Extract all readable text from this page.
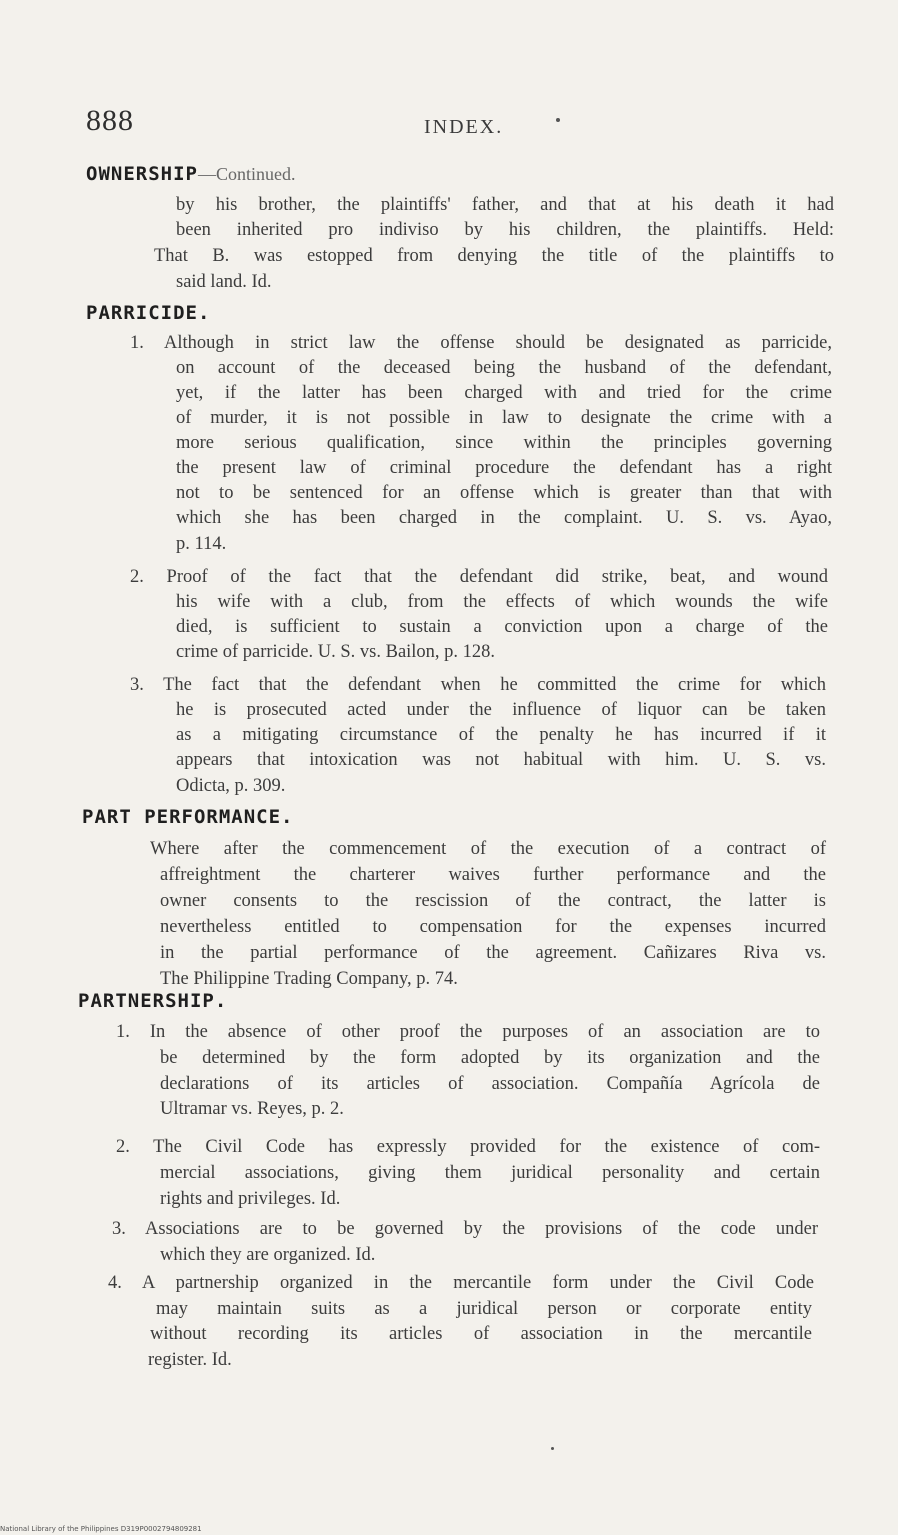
888	INDEX.
OWNERSHIP—Continued.
by his brother, the plaintiffs' father, and that at his death it had
been inherited pro indiviso by his children, the plaintiffs. Held:
That B. was estopped from denying the title of the plaintiffs to
said land. Id.
PARRICIDE.
1. Although in strict law the offense should be designated as parricide,
on account of the deceased being the husband of the defendant,
yet, if the latter has been charged with and tried for the crime
of murder, it is not possible in law to designate the crime with a
more serious qualification, since within the principles governing
the present law of criminal procedure the defendant has a right
not to be sentenced for an offense which is greater than that with
which she has been charged in the complaint. U. S. vs. Ayao,
p. 114.
2. Proof of the fact that the defendant did strike, beat, and wound
his wife with a club, from the effects of which wounds the wife
died, is sufficient to sustain a conviction upon a charge of the
crime of parricide. U. S. vs. Bailon, p. 128.
3. The fact that the defendant when he committed the crime for which
he is prosecuted acted under the influence of liquor can be taken
as a mitigating circumstance of the penalty he has incurred if it
appears that intoxication was not habitual with him. U. S. vs.
Odicta, p. 309.
PART PERFORMANCE.
Where after the commencement of the execution of a contract of
affreightment the charterer waives further performance and the
owner consents to the rescission of the contract, the latter is
nevertheless entitled to compensation for the expenses incurred
in the partial performance of the agreement. Cañizares Riva vs.
The Philippine Trading Company, p. 74.
PARTNERSHIP.
1. In the absence of other proof the purposes of an association are to
be determined by the form adopted by its organization and the
declarations of its articles of association. Compañía Agrícola de
Ultramar vs. Reyes, p. 2.
2. The Civil Code has expressly provided for the existence of com-
mercial associations, giving them juridical personality and certain
rights and privileges. Id.
3. Associations are to be governed by the provisions of the code under
which they are organized. Id.
4. A partnership organized in the mercantile form under the Civil Code
may maintain suits as a juridical person or corporate entity
without recording its articles of association in the mercantile
register. Id.
National Library of the Philippines D319P0002794809281
